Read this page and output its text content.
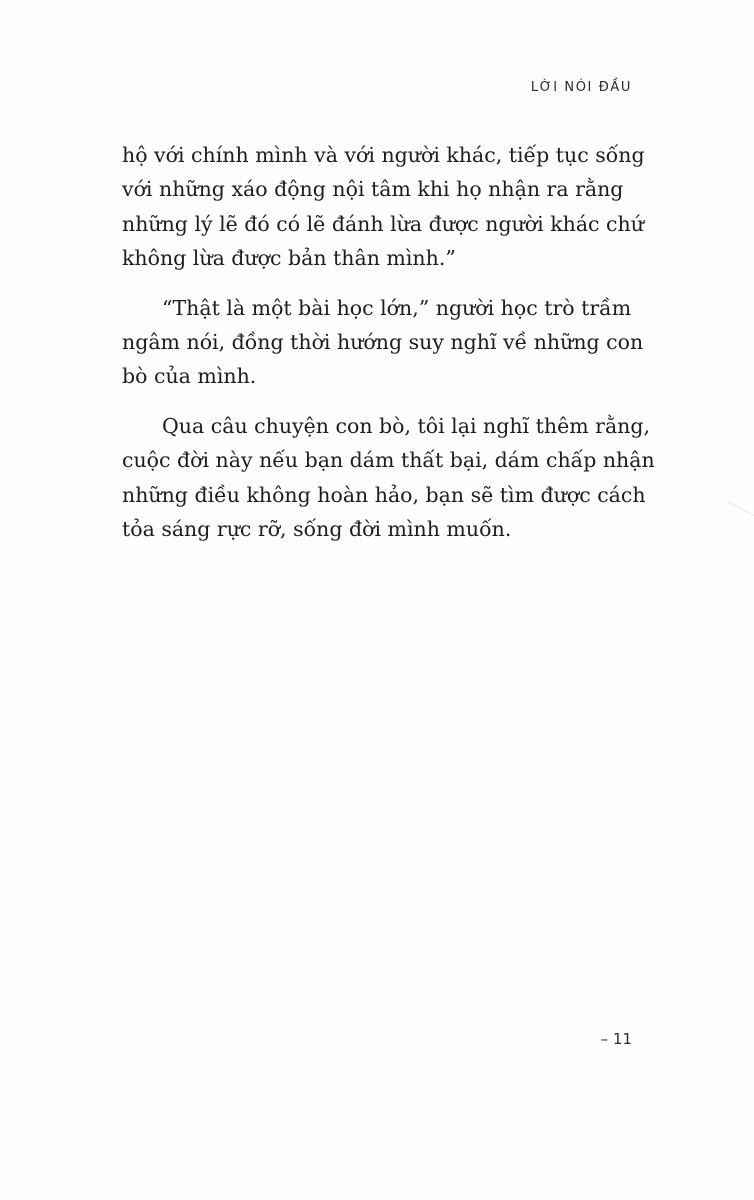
LỜI NÓI ĐẦU

hộ với chính mình và với người khác, tiếp tục sống
với những xáo động nội tâm khi họ nhận ra rằng
những lý lẽ đó có lẽ đánh lừa được người khác chứ
không lừa được bản thân mình.”

“Thật là một bài học lớn,” người học trò trầm
ngâm nói, đồng thời hướng suy nghĩ về những con
bò của mình.

Qua câu chuyện con bò, tôi lại nghĩ thêm rằng,
cuộc đời này nếu bạn dám thất bại, dám chấp nhận
những điều không hoàn hảo, bạn sẽ tìm được cách
tỏa sáng rực rỡ, sống đời mình muốn.

– 11
